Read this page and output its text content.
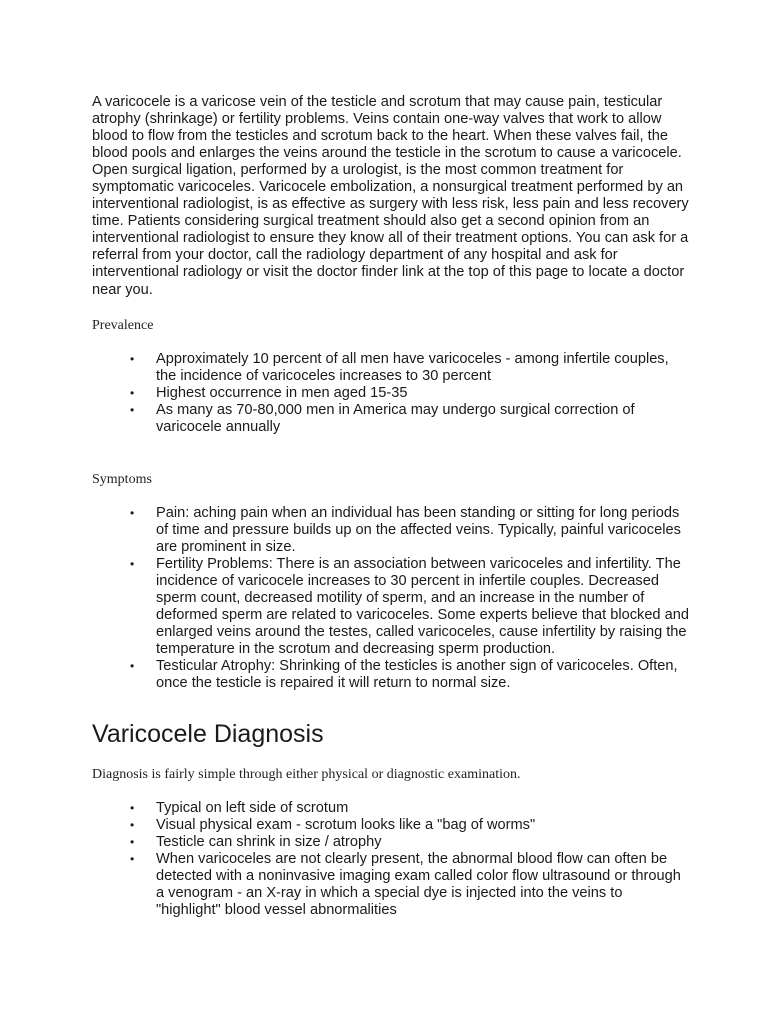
A varicocele is a varicose vein of the testicle and scrotum that may cause pain, testicular atrophy (shrinkage) or fertility problems. Veins contain one-way valves that work to allow blood to flow from the testicles and scrotum back to the heart. When these valves fail, the blood pools and enlarges the veins around the testicle in the scrotum to cause a varicocele. Open surgical ligation, performed by a urologist, is the most common treatment for symptomatic varicoceles. Varicocele embolization, a nonsurgical treatment performed by an interventional radiologist, is as effective as surgery with less risk, less pain and less recovery time. Patients considering surgical treatment should also get a second opinion from an interventional radiologist to ensure they know all of their treatment options. You can ask for a referral from your doctor, call the radiology department of any hospital and ask for interventional radiology or visit the doctor finder link at the top of this page to locate a doctor near you.

Prevalence

• Approximately 10 percent of all men have varicoceles - among infertile couples, the incidence of varicoceles increases to 30 percent
• Highest occurrence in men aged 15-35
• As many as 70-80,000 men in America may undergo surgical correction of varicocele annually

Symptoms

• Pain: aching pain when an individual has been standing or sitting for long periods of time and pressure builds up on the affected veins. Typically, painful varicoceles are prominent in size.
• Fertility Problems: There is an association between varicoceles and infertility. The incidence of varicocele increases to 30 percent in infertile couples. Decreased sperm count, decreased motility of sperm, and an increase in the number of deformed sperm are related to varicoceles. Some experts believe that blocked and enlarged veins around the testes, called varicoceles, cause infertility by raising the temperature in the scrotum and decreasing sperm production.
• Testicular Atrophy: Shrinking of the testicles is another sign of varicoceles. Often, once the testicle is repaired it will return to normal size.
Varicocele Diagnosis

Diagnosis is fairly simple through either physical or diagnostic examination.

• Typical on left side of scrotum
• Visual physical exam - scrotum looks like a "bag of worms"
• Testicle can shrink in size / atrophy
• When varicoceles are not clearly present, the abnormal blood flow can often be detected with a noninvasive imaging exam called color flow ultrasound or through a venogram - an X-ray in which a special dye is injected into the veins to "highlight" blood vessel abnormalities
